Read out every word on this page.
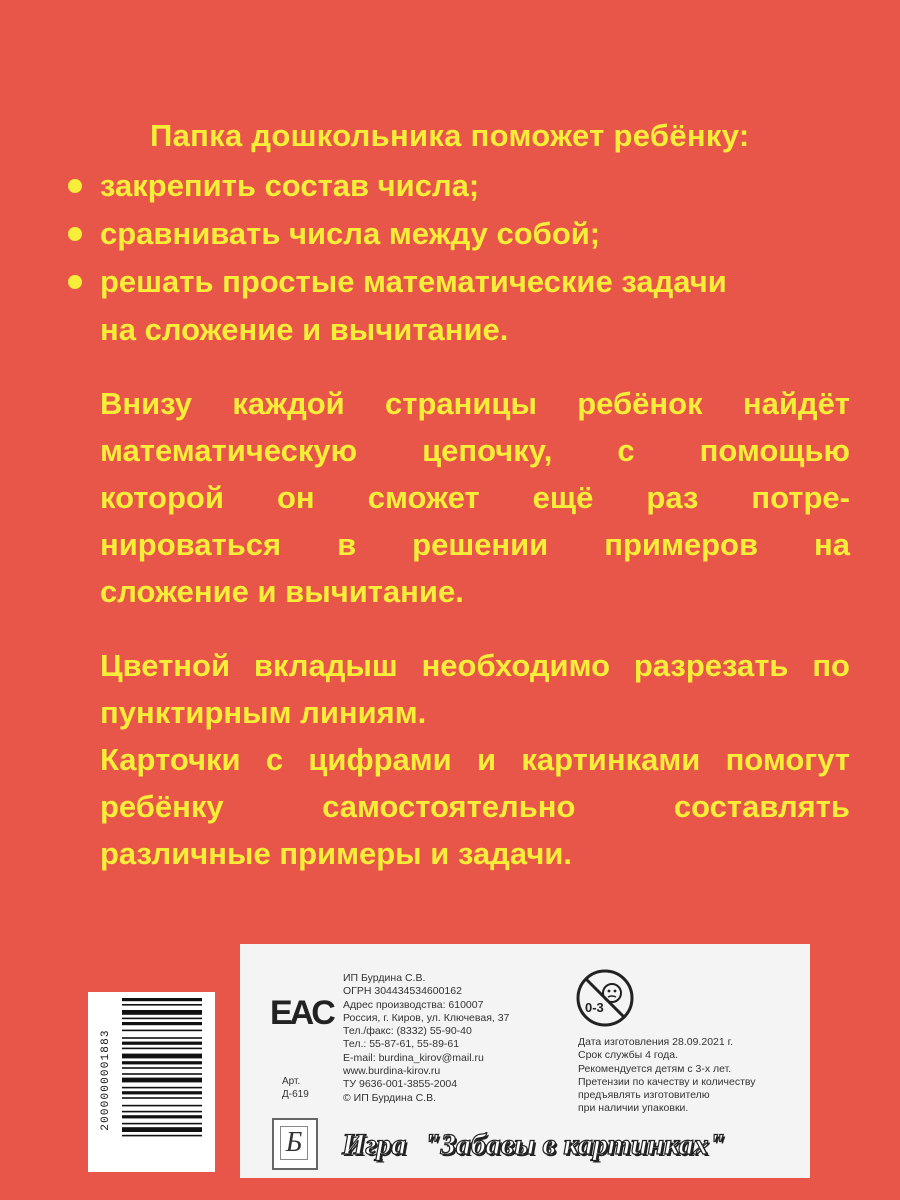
Папка дошкольника поможет ребёнку:
закрепить состав числа;
сравнивать числа между собой;
решать простые математические задачи
на сложение и вычитание.
Внизу каждой страницы ребёнок найдёт
математическую цепочку, с помощью
которой он сможет ещё раз потре-
нироваться в решении примеров на
сложение и вычитание.
Цветной вкладыш необходимо разрезать по
пунктирным линиям.
Карточки с цифрами и картинками помогут
ребёнку самостоятельно составлять
различные примеры и задачи.
2000000001883
EAC
Арт.
Д-619
Б
ИП Бурдина С.В.
ОГРН 304434534600162
Адрес производства: 610007
Россия, г. Киров, ул. Ключевая, 37
Тел./факс: (8332) 55-90-40
Тел.: 55-87-61, 55-89-61
E-mail: burdina_kirov@mail.ru
www.burdina-kirov.ru
ТУ 9636-001-3855-2004
© ИП Бурдина С.В.
0-3
Дата изготовления 28.09.2021 г.
Срок службы 4 года.
Рекомендуется детям с 3-х лет.
Претензии по качеству и количеству
предъявлять изготовителю
при наличии упаковки.
Игра "Забавы в картинках"
